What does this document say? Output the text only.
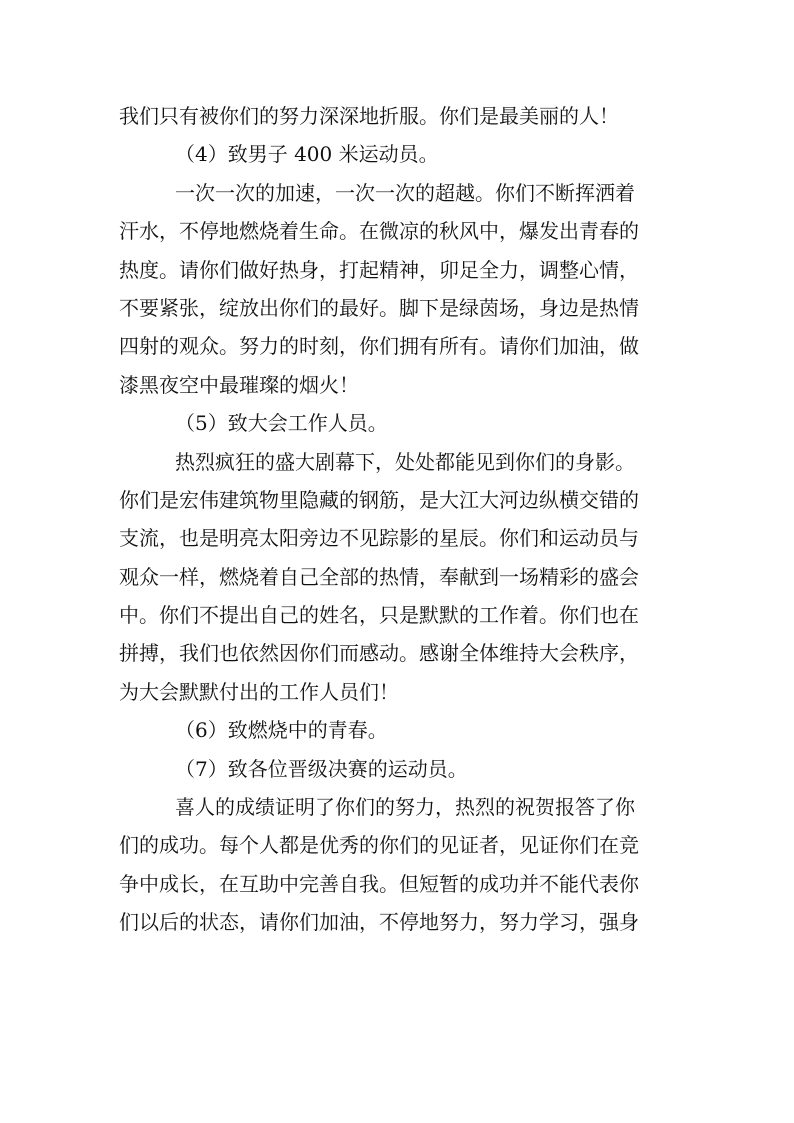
我们只有被你们的努力深深地折服。你们是最美丽的人！
（4）致男子 400 米运动员。
一次一次的加速，一次一次的超越。你们不断挥洒着
汗水，不停地燃烧着生命。在微凉的秋风中，爆发出青春的
热度。请你们做好热身，打起精神，卯足全力，调整心情，
不要紧张，绽放出你们的最好。脚下是绿茵场，身边是热情
四射的观众。努力的时刻，你们拥有所有。请你们加油，做
漆黑夜空中最璀璨的烟火！
（5）致大会工作人员。
热烈疯狂的盛大剧幕下，处处都能见到你们的身影。
你们是宏伟建筑物里隐藏的钢筋，是大江大河边纵横交错的
支流，也是明亮太阳旁边不见踪影的星辰。你们和运动员与
观众一样，燃烧着自己全部的热情，奉献到一场精彩的盛会
中。你们不提出自己的姓名，只是默默的工作着。你们也在
拼搏，我们也依然因你们而感动。感谢全体维持大会秩序，
为大会默默付出的工作人员们！
（6）致燃烧中的青春。
（7）致各位晋级决赛的运动员。
喜人的成绩证明了你们的努力，热烈的祝贺报答了你
们的成功。每个人都是优秀的你们的见证者，见证你们在竞
争中成长，在互助中完善自我。但短暂的成功并不能代表你
们以后的状态，请你们加油，不停地努力，努力学习，强身
